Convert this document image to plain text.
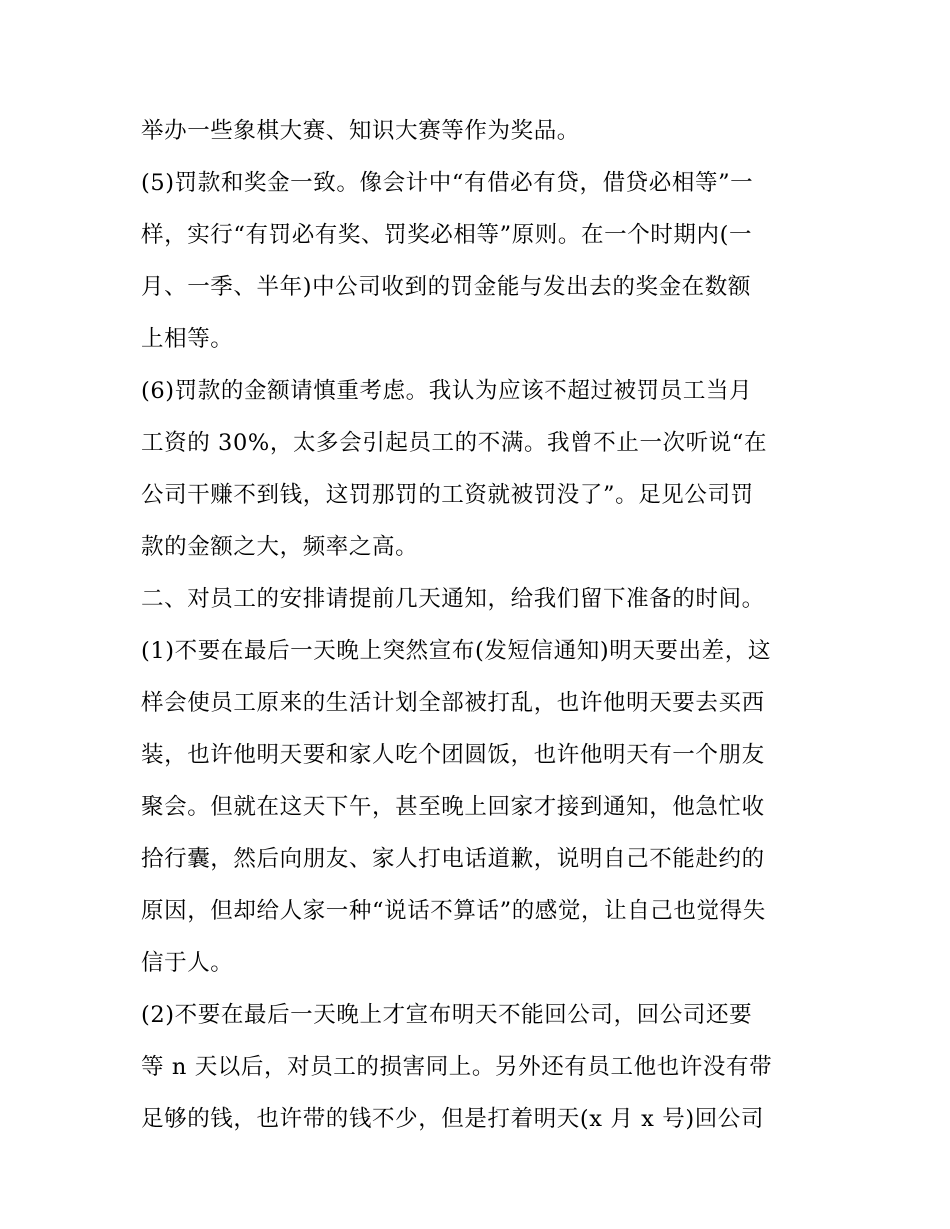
举办一些象棋大赛、知识大赛等作为奖品。
(5)罚款和奖金一致。像会计中“有借必有贷，借贷必相等”一
样，实行“有罚必有奖、罚奖必相等”原则。在一个时期内(一
月、一季、半年)中公司收到的罚金能与发出去的奖金在数额
上相等。
(6)罚款的金额请慎重考虑。我认为应该不超过被罚员工当月
工资的 30%，太多会引起员工的不满。我曾不止一次听说“在
公司干赚不到钱，这罚那罚的工资就被罚没了”。足见公司罚
款的金额之大，频率之高。
二、对员工的安排请提前几天通知，给我们留下准备的时间。
(1)不要在最后一天晚上突然宣布(发短信通知)明天要出差，这
样会使员工原来的生活计划全部被打乱，也许他明天要去买西
装，也许他明天要和家人吃个团圆饭，也许他明天有一个朋友
聚会。但就在这天下午，甚至晚上回家才接到通知，他急忙收
拾行囊，然后向朋友、家人打电话道歉，说明自己不能赴约的
原因，但却给人家一种“说话不算话”的感觉，让自己也觉得失
信于人。
(2)不要在最后一天晚上才宣布明天不能回公司，回公司还要
等 n 天以后，对员工的损害同上。另外还有员工他也许没有带
足够的钱，也许带的钱不少，但是打着明天(x 月 x 号)回公司
